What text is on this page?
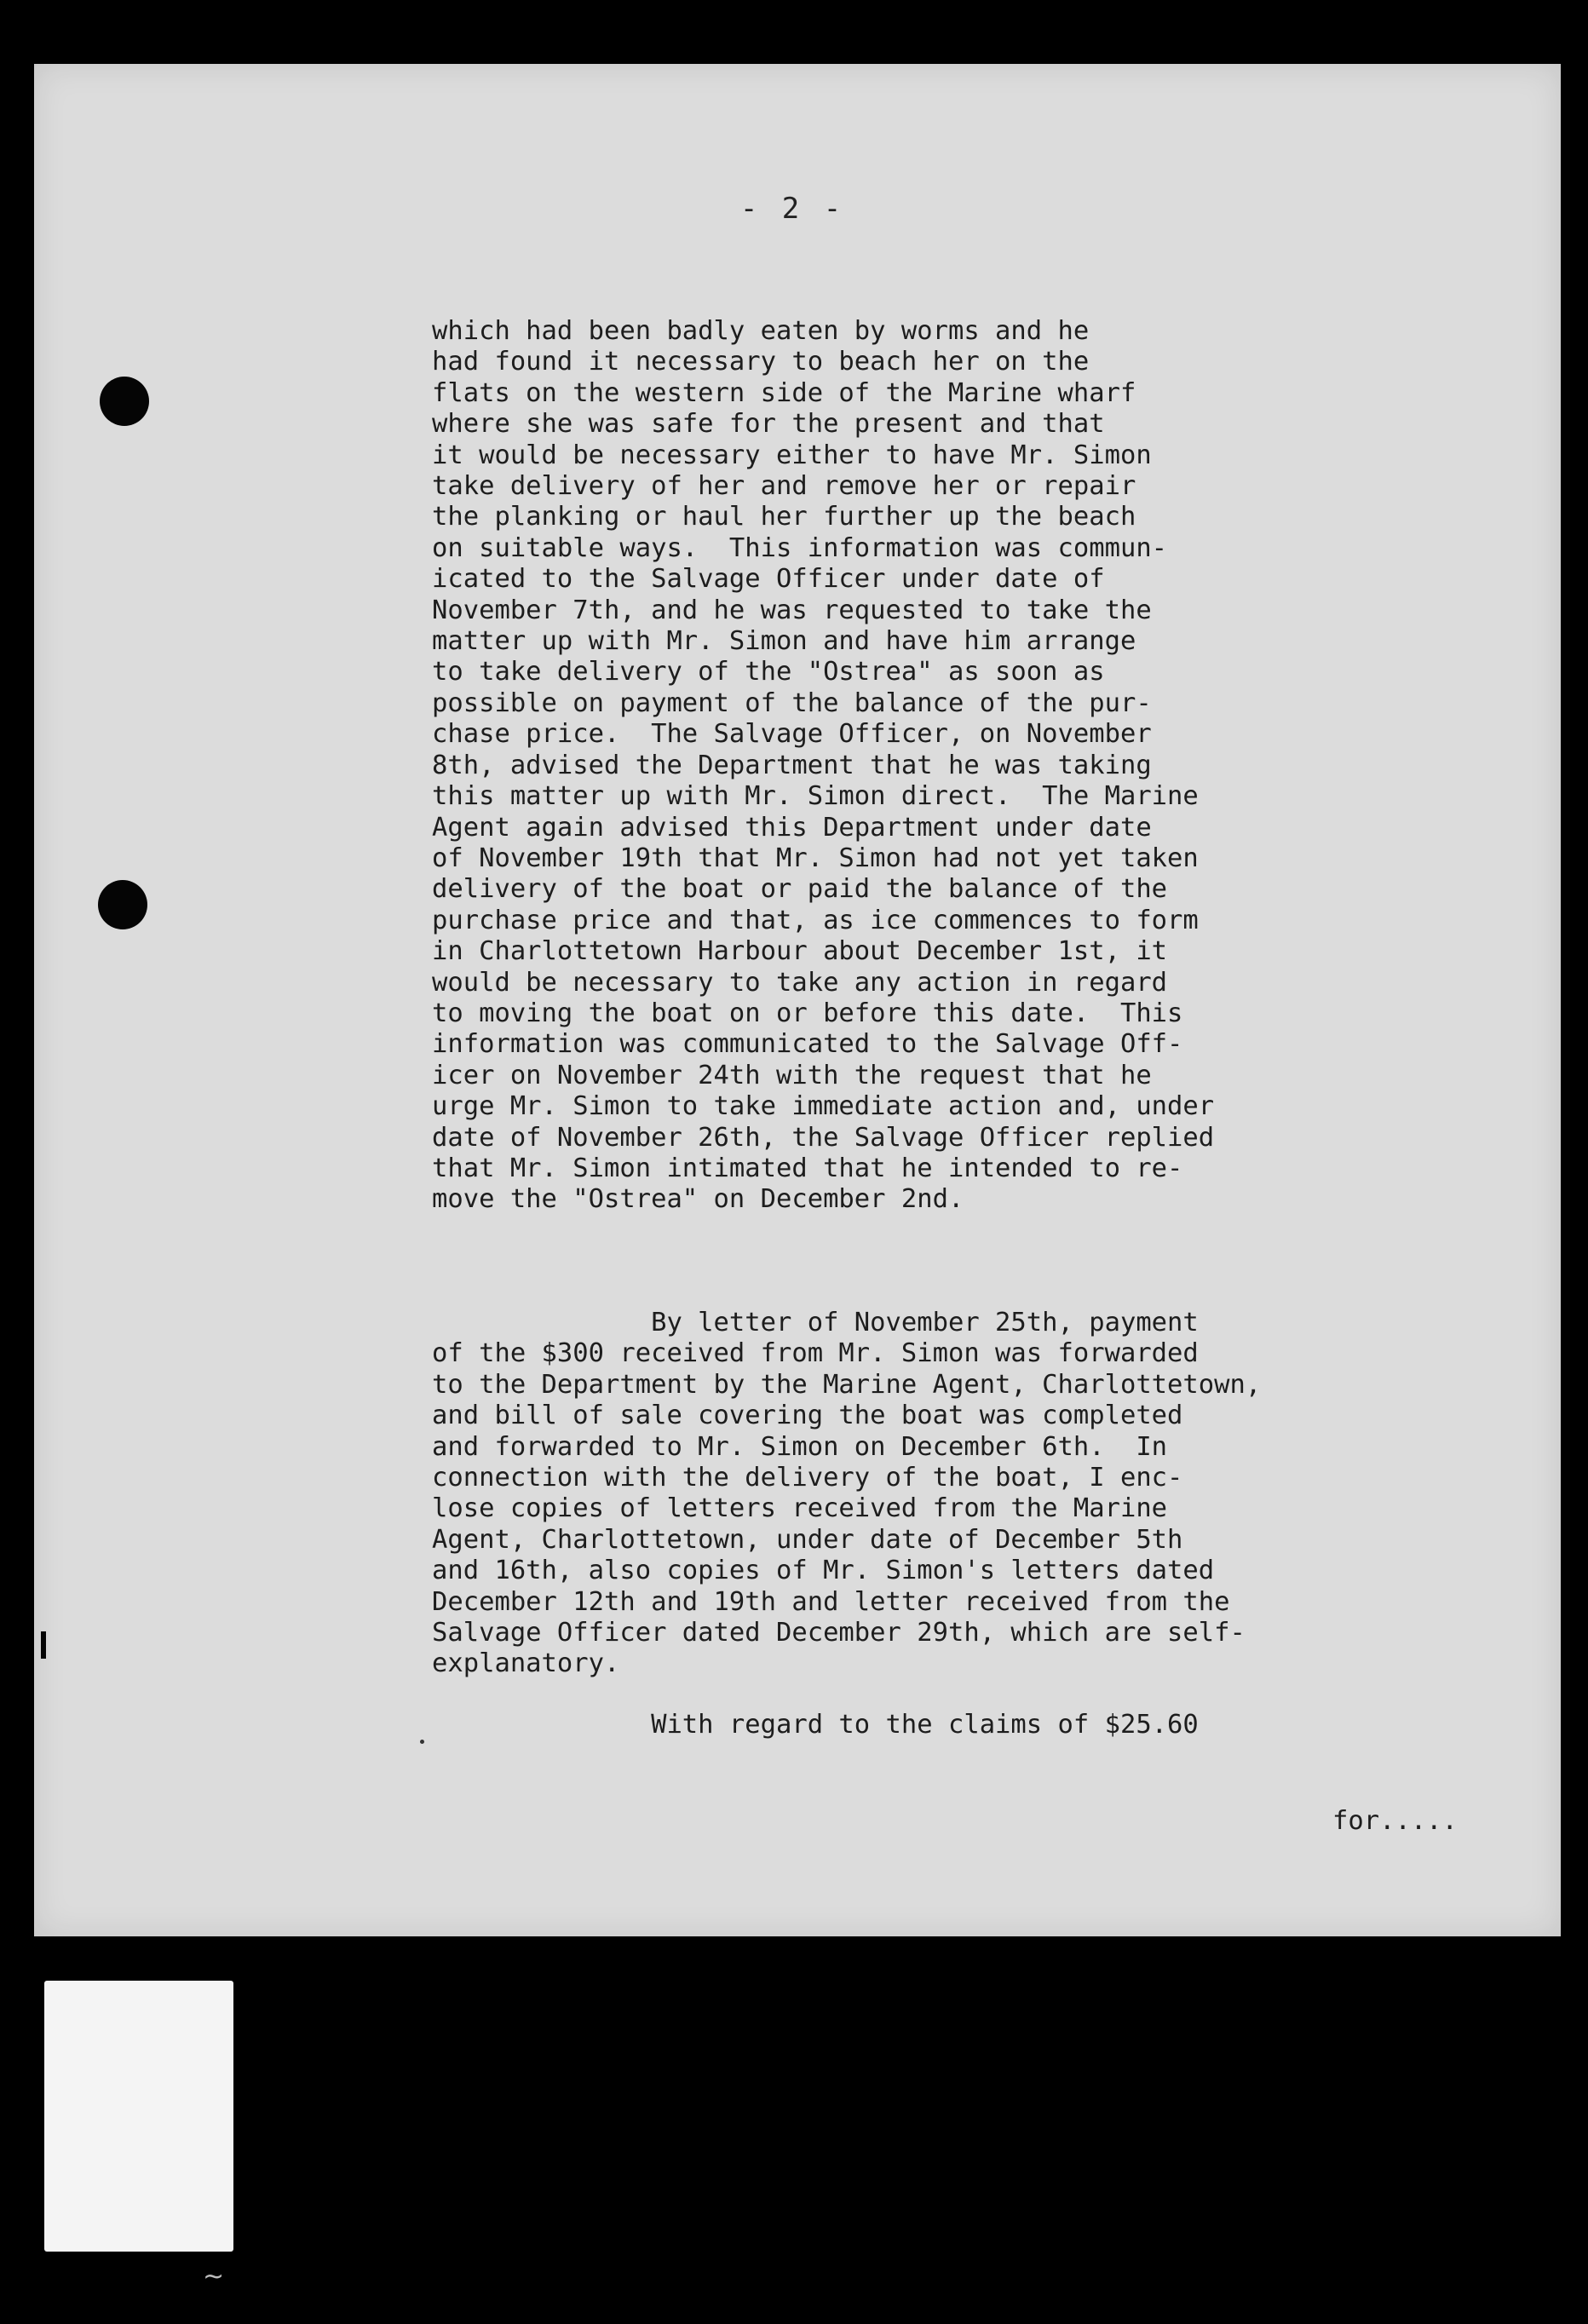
- 2 -
which had been badly eaten by worms and he
had found it necessary to beach her on the
flats on the western side of the Marine wharf
where she was safe for the present and that
it would be necessary either to have Mr. Simon
take delivery of her and remove her or repair
the planking or haul her further up the beach
on suitable ways.  This information was commun-
icated to the Salvage Officer under date of
November 7th, and he was requested to take the
matter up with Mr. Simon and have him arrange
to take delivery of the "Ostrea" as soon as
possible on payment of the balance of the pur-
chase price.  The Salvage Officer, on November
8th, advised the Department that he was taking
this matter up with Mr. Simon direct.  The Marine
Agent again advised this Department under date
of November 19th that Mr. Simon had not yet taken
delivery of the boat or paid the balance of the
purchase price and that, as ice commences to form
in Charlottetown Harbour about December 1st, it
would be necessary to take any action in regard
to moving the boat on or before this date.  This
information was communicated to the Salvage Off-
icer on November 24th with the request that he
urge Mr. Simon to take immediate action and, under
date of November 26th, the Salvage Officer replied
that Mr. Simon intimated that he intended to re-
move the "Ostrea" on December 2nd.
By letter of November 25th, payment
of the $300 received from Mr. Simon was forwarded
to the Department by the Marine Agent, Charlottetown,
and bill of sale covering the boat was completed
and forwarded to Mr. Simon on December 6th.  In
connection with the delivery of the boat, I enc-
lose copies of letters received from the Marine
Agent, Charlottetown, under date of December 5th
and 16th, also copies of Mr. Simon's letters dated
December 12th and 19th and letter received from the
Salvage Officer dated December 29th, which are self-
explanatory.
With regard to the claims of $25.60
for.....
~
